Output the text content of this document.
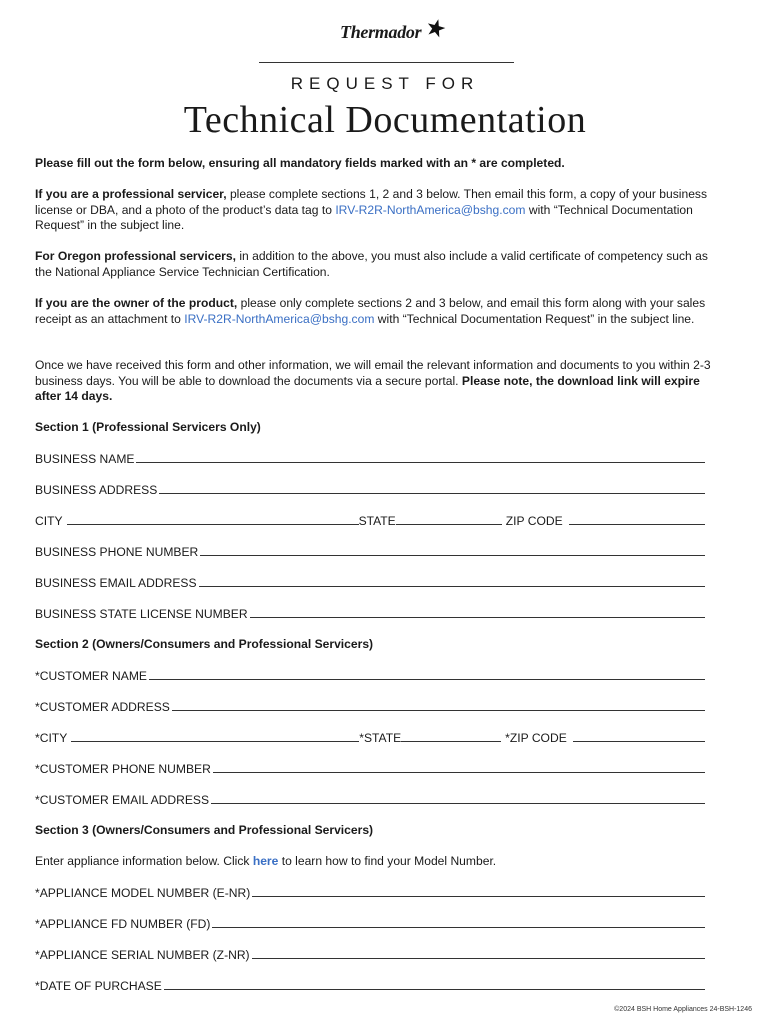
Thermador
REQUEST FOR
Technical Documentation
Please fill out the form below, ensuring all mandatory fields marked with an * are completed.
If you are a professional servicer, please complete sections 1, 2 and 3 below. Then email this form, a copy of your business license or DBA, and a photo of the product’s data tag to IRV-R2R-NorthAmerica@bshg.com with “Technical Documentation Request” in the subject line.
For Oregon professional servicers, in addition to the above, you must also include a valid certificate of competency such as the National Appliance Service Technician Certification.
If you are the owner of the product, please only complete sections 2 and 3 below, and email this form along with your sales receipt as an attachment to IRV-R2R-NorthAmerica@bshg.com with “Technical Documentation Request” in the subject line.
Once we have received this form and other information, we will email the relevant information and documents to you within 2-3 business days. You will be able to download the documents via a secure portal. Please note, the download link will expire after 14 days.
Section 1 (Professional Servicers Only)
BUSINESS NAME
BUSINESS ADDRESS
CITY	STATE	ZIP CODE
BUSINESS PHONE NUMBER
BUSINESS EMAIL ADDRESS
BUSINESS STATE LICENSE NUMBER
Section 2 (Owners/Consumers and Professional Servicers)
*CUSTOMER NAME
*CUSTOMER ADDRESS
*CITY	*STATE	*ZIP CODE
*CUSTOMER PHONE NUMBER
*CUSTOMER EMAIL ADDRESS
Section 3 (Owners/Consumers and Professional Servicers)
Enter appliance information below. Click here to learn how to find your Model Number.
*APPLIANCE MODEL NUMBER (E-NR)
*APPLIANCE FD NUMBER (FD)
*APPLIANCE SERIAL NUMBER (Z-NR)
*DATE OF PURCHASE
©2024 BSH Home Appliances 24-BSH-1246
